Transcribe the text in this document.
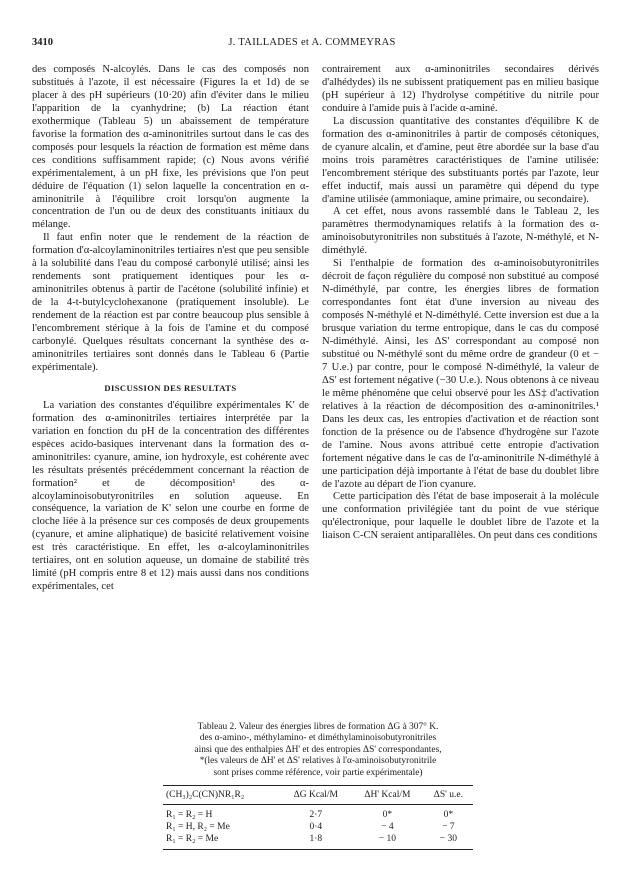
3410	J. TAILLADES et A. COMMEYRAS

des composés N-alcoylés. Dans le cas des composés non substitués à l'azote, il est nécessaire (Figures la et 1d) de se placer à des pH supérieurs (10·20) afin d'éviter dans le milieu l'apparition de la cyanhydrine; (b) La réaction étant exothermique (Tableau 5) un abaissement de température favorise la formation des α-aminonitriles surtout dans le cas des composés pour lesquels la réaction de formation est même dans ces conditions suffisamment rapide; (c) Nous avons vérifié expérimentalement, à un pH fixe, les prévisions que l'on peut déduire de l'équation (1) selon laquelle la concentration en α-aminonitrile à l'équilibre croit lorsqu'on augmente la concentration de l'un ou de deux des constituants initiaux du mélange.

Il faut enfin noter que le rendement de la réaction de formation d'α-alcoylaminonitriles tertiaires n'est que peu sensible à la solubilité dans l'eau du composé carbonylé utilisé; ainsi les rendements sont pratiquement identiques pour les α-aminonitriles obtenus à partir de l'acétone (solubilité infinie) et de la 4-t-butylcyclohexanone (pratiquement insoluble). Le rendement de la réaction est par contre beaucoup plus sensible à l'encombrement stérique à la fois de l'amine et du composé carbonylé. Quelques résultats concernant la synthèse des α-aminonitriles tertiaires sont donnés dans le Tableau 6 (Partie expérimentale).

DISCUSSION DES RESULTATS

La variation des constantes d'équilibre expérimentales K' de formation des α-aminonitriles tertiaires interprétée par la variation en fonction du pH de la concentration des différentes espèces acido-basiques intervenant dans la formation des α-aminonitriles: cyanure, amine, ion hydroxyle, est cohérente avec les résultats présentés précédemment concernant la réaction de formation² et de décomposition¹ des α-alcoylaminoisobutyronitriles en solution aqueuse. En conséquence, la variation de K' selon une courbe en forme de cloche liée à la présence sur ces composés de deux groupements (cyanure, et amine aliphatique) de basicité relativement voisine est très caractéristique. En effet, les α-alcoylaminonitriles tertiaires, ont en solution aqueuse, un domaine de stabilité très limité (pH compris entre 8 et 12) mais aussi dans nos conditions expérimentales, cet

contrairement aux α-aminonitriles secondaires dérivés d'alhédydes) ils ne subissent pratiquement pas en milieu basique (pH supérieur à 12) l'hydrolyse compétitive du nitrile pour conduire à l'amide puis à l'acide α-aminé.

La discussion quantitative des constantes d'équilibre K de formation des α-aminonitriles à partir de composés cétoniques, de cyanure alcalin, et d'amine, peut être abordée sur la base d'au moins trois paramètres caractéristiques de l'amine utilisée: l'encombrement stérique des substituants portés par l'azote, leur effet inductif, mais aussi un paramètre qui dépend du type d'amine utilisée (ammoniaque, amine primaire, ou secondaire).

A cet effet, nous avons rassemblé dans le Tableau 2, les paramètres thermodynamiques relatifs à la formation des α-aminoisobutyronitriles non substitués à l'azote, N-méthylé, et N-diméthylé.

Si l'enthalpie de formation des α-aminoisobutyronitriles décroit de façon régulière du composé non substitué au composé N-diméthylé, par contre, les énergies libres de formation correspondantes font état d'une inversion au niveau des composés N-méthylé et N-diméthylé. Cette inversion est due a la brusque variation du terme entropique, dans le cas du composé N-diméthylé. Ainsi, les ΔS' correspondant au composé non substitué ou N-méthylé sont du même ordre de grandeur (0 et − 7 U.e.) par contre, pour le composé N-diméthylé, la valeur de ΔS' est fortement négative (−30 U.e.). Nous obtenons à ce niveau le même phénomène que celui observé pour les ΔS‡ d'activation relatives à la réaction de décomposition des α-aminonitriles.¹ Dans les deux cas, les entropies d'activation et de réaction sont fonction de la présence ou de l'absence d'hydrogène sur l'azote de l'amine. Nous avons attribué cette entropie d'activation fortement négative dans le cas de l'α-aminonitrile N-diméthylé à une participation déjà importante à l'état de base du doublet libre de l'azote au départ de l'ion cyanure.

Cette participation dès l'état de base imposerait à la molécule une conformation privilégiée tant du point de vue stérique qu'électronique, pour laquelle le doublet libre de l'azote et la liaison C-CN seraient antiparallèles. On peut dans ces conditions

Tableau 2. Valeur des énergies libres de formation ΔG à 307° K.
des α-amino-, méthylamino- et diméthylaminoisobutyronitriles
ainsi que des enthalpies ΔH' et des entropies ΔS' correspondantes,
*(les valeurs de ΔH' et ΔS' relatives à l'α-aminoisobutyronitrile
sont prises comme référence, voir partie expérimentale)
(CH₃)₂C(CN)NR₁R₂	ΔG Kcal/M	ΔH' Kcal/M	ΔS' u.e.
R₁ = R₂ = H	2·7	0*	0*
R₁ = H, R₂ = Me	0·4	− 4	− 7
R₁ = R₂ = Me	1·8	− 10	− 30
